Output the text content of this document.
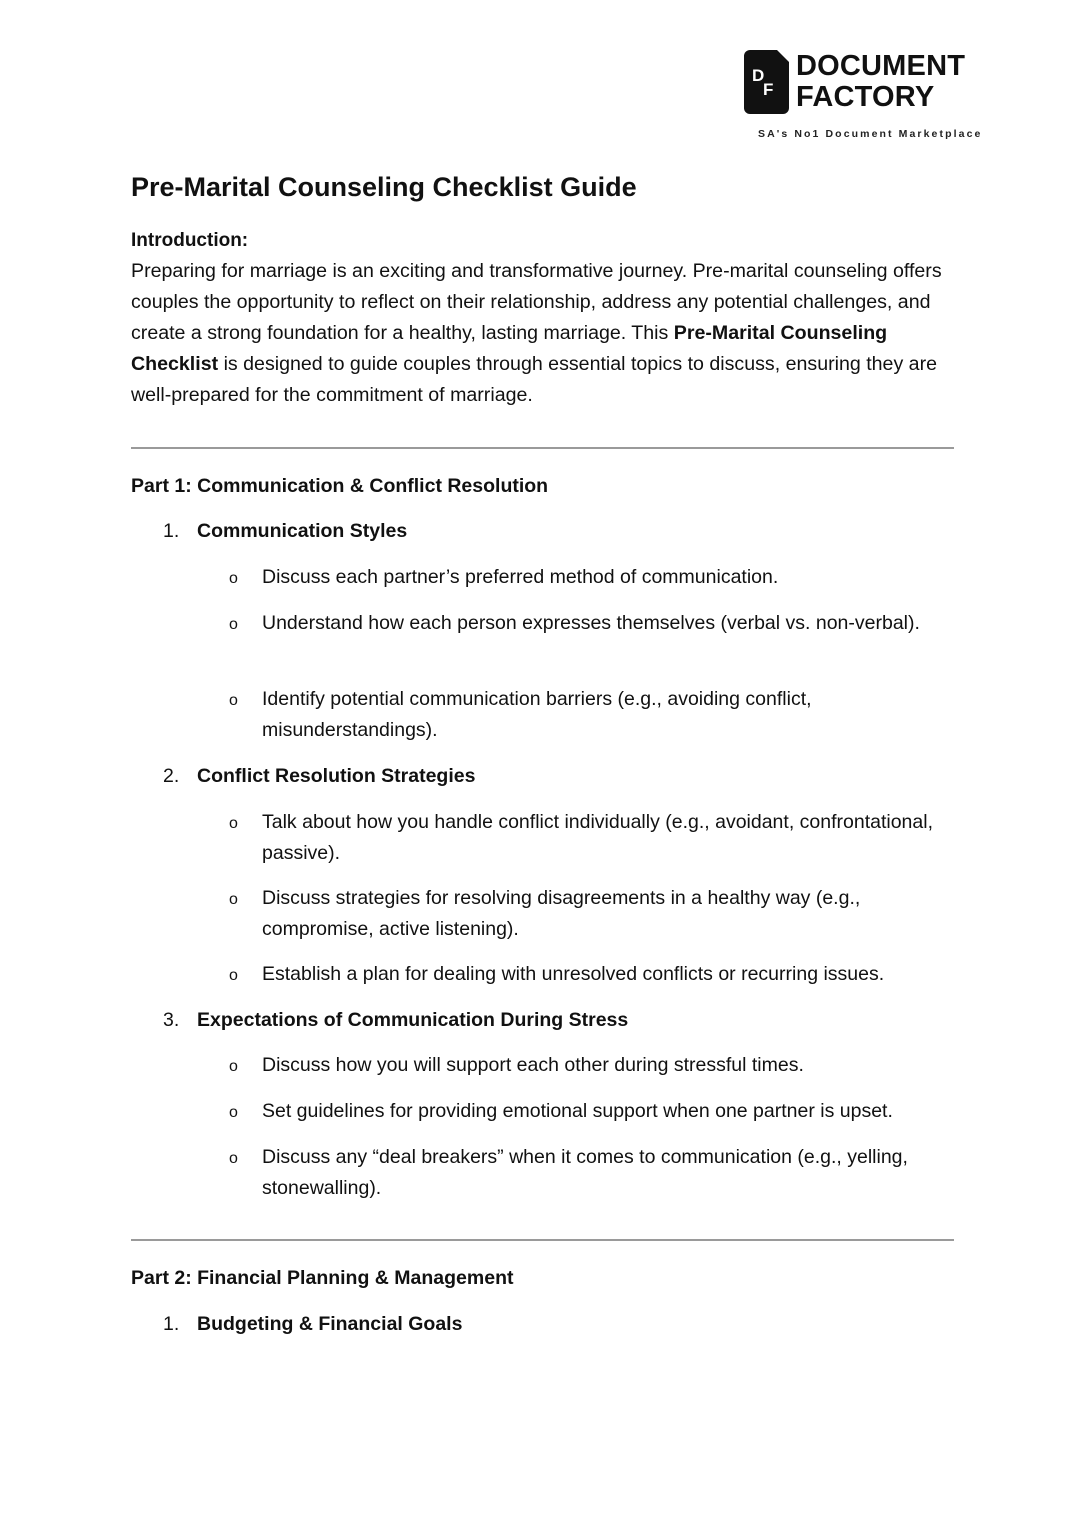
D
F
DOCUMENT
FACTORY
SA's No1 Document Marketplace
Pre-Marital Counseling Checklist Guide
Introduction:

Preparing for marriage is an exciting and transformative journey. Pre-marital counseling offers couples the opportunity to reflect on their relationship, address any potential challenges, and create a strong foundation for a healthy, lasting marriage. This Pre-Marital Counseling Checklist is designed to guide couples through essential topics to discuss, ensuring they are well-prepared for the commitment of marriage.

Part 1: Communication & Conflict Resolution
1. Communication Styles
o Discuss each partner’s preferred method of communication.

o Understand how each person expresses themselves (verbal vs. non-verbal).

o Identify potential communication barriers (e.g., avoiding conflict, misunderstandings).

2. Conflict Resolution Strategies
o Talk about how you handle conflict individually (e.g., avoidant, confrontational, passive).

o Discuss strategies for resolving disagreements in a healthy way (e.g., compromise, active listening).

o Establish a plan for dealing with unresolved conflicts or recurring issues.

3. Expectations of Communication During Stress
o Discuss how you will support each other during stressful times.

o Set guidelines for providing emotional support when one partner is upset.

o Discuss any “deal breakers” when it comes to communication (e.g., yelling, stonewalling).

Part 2: Financial Planning & Management
1. Budgeting & Financial Goals
